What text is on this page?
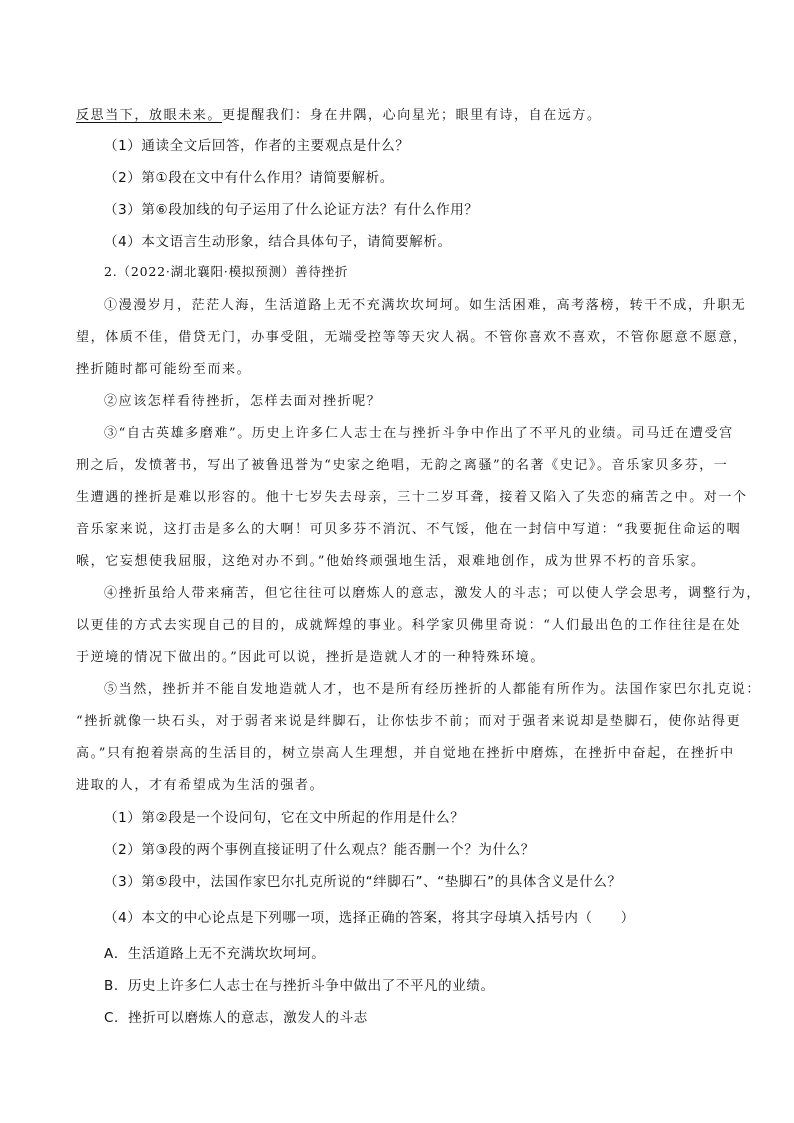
反思当下，放眼未来。更提醒我们：身在井隅，心向星光；眼里有诗，自在远方。
（1）通读全文后回答，作者的主要观点是什么？
（2）第①段在文中有什么作用？请简要解析。
（3）第⑥段加线的句子运用了什么论证方法？有什么作用？
（4）本文语言生动形象，结合具体句子，请简要解析。
2.（2022·湖北襄阳·模拟预测）善待挫折
①漫漫岁月，茫茫人海，生活道路上无不充满坎坎坷坷。如生活困难，高考落榜，转干不成，升职无
望，体质不佳，借贷无门，办事受阻，无端受控等等天灾人祸。不管你喜欢不喜欢，不管你愿意不愿意，
挫折随时都可能纷至而来。
②应该怎样看待挫折，怎样去面对挫折呢？
③“自古英雄多磨难”。历史上许多仁人志士在与挫折斗争中作出了不平凡的业绩。司马迁在遭受宫
刑之后，发愤著书，写出了被鲁迅誉为“史家之绝唱，无韵之离骚”的名著《史记》。音乐家贝多芬，一
生遭遇的挫折是难以形容的。他十七岁失去母亲，三十二岁耳聋，接着又陷入了失恋的痛苦之中。对一个
音乐家来说，这打击是多么的大啊！可贝多芬不消沉、不气馁，他在一封信中写道：“我要扼住命运的咽
喉，它妄想使我屈服，这绝对办不到。”他始终顽强地生活，艰难地创作，成为世界不朽的音乐家。
④挫折虽给人带来痛苦，但它往往可以磨炼人的意志，激发人的斗志；可以使人学会思考，调整行为，
以更佳的方式去实现自己的目的，成就辉煌的事业。科学家贝佛里奇说：“人们最出色的工作往往是在处
于逆境的情况下做出的。”因此可以说，挫折是造就人才的一种特殊环境。
⑤当然，挫折并不能自发地造就人才，也不是所有经历挫折的人都能有所作为。法国作家巴尔扎克说：
“挫折就像一块石头，对于弱者来说是绊脚石，让你怯步不前；而对于强者来说却是垫脚石，使你站得更
高。”只有抱着崇高的生活目的，树立崇高人生理想，并自觉地在挫折中磨炼，在挫折中奋起，在挫折中
进取的人，才有希望成为生活的强者。
（1）第②段是一个设问句，它在文中所起的作用是什么？
（2）第③段的两个事例直接证明了什么观点？能否删一个？为什么？
（3）第⑤段中，法国作家巴尔扎克所说的“绊脚石”、“垫脚石”的具体含义是什么？
（4）本文的中心论点是下列哪一项，选择正确的答案，将其字母填入括号内（　　）
A．生活道路上无不充满坎坎坷坷。
B．历史上许多仁人志士在与挫折斗争中做出了不平凡的业绩。
C．挫折可以磨炼人的意志，激发人的斗志
